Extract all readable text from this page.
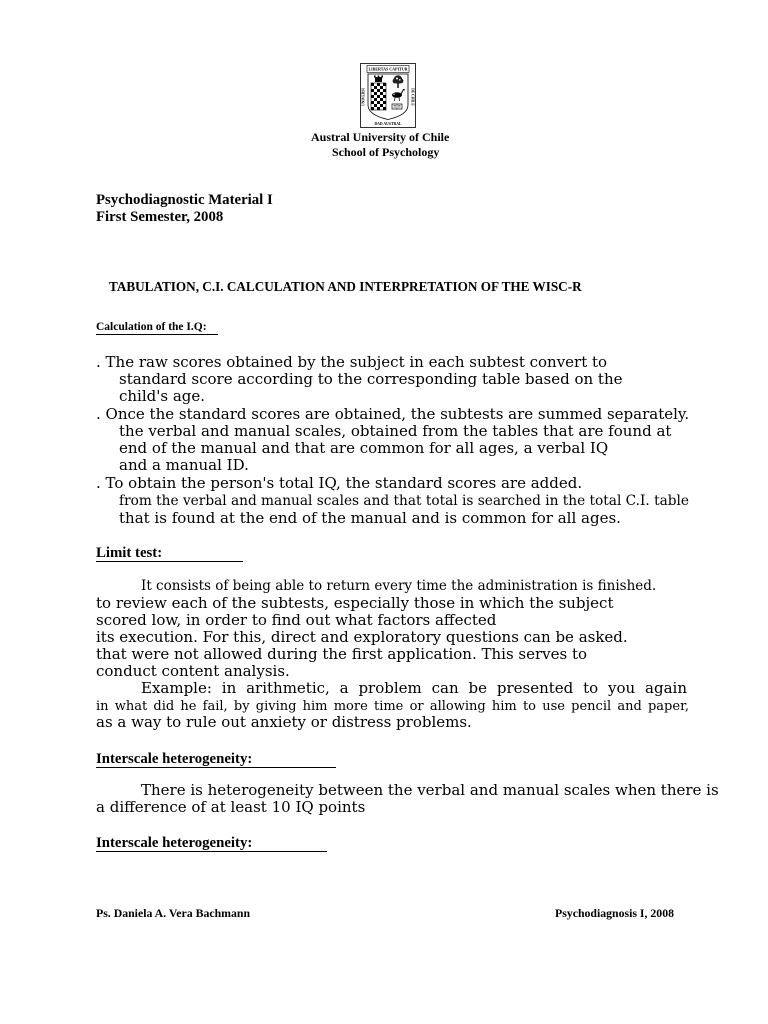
LIBERTAS CAPITUR
UNIVERSI	DE CHILE
DAD AUSTRAL
Austral University of Chile
School of Psychology
Psychodiagnostic Material I
First Semester, 2008
TABULATION, C.I. CALCULATION AND INTERPRETATION OF THE WISC-R
Calculation of the I.Q:
. The raw scores obtained by the subject in each subtest convert to
standard score according to the corresponding table based on the
child's age.
. Once the standard scores are obtained, the subtests are summed separately.
the verbal and manual scales, obtained from the tables that are found at
end of the manual and that are common for all ages, a verbal IQ
and a manual ID.
. To obtain the person's total IQ, the standard scores are added.
from the verbal and manual scales and that total is searched in the total C.I. table
that is found at the end of the manual and is common for all ages.
Limit test:
It consists of being able to return every time the administration is finished.
to review each of the subtests, especially those in which the subject
scored low, in order to find out what factors affected
its execution. For this, direct and exploratory questions can be asked.
that were not allowed during the first application. This serves to
conduct content analysis.
Example: in arithmetic, a problem can be presented to you again
in what did he fail, by giving him more time or allowing him to use pencil and paper,
as a way to rule out anxiety or distress problems.
Interscale heterogeneity:
There is heterogeneity between the verbal and manual scales when there is
a difference of at least 10 IQ points
Interscale heterogeneity:
Ps. Daniela A. Vera Bachmann	Psychodiagnosis I, 2008
